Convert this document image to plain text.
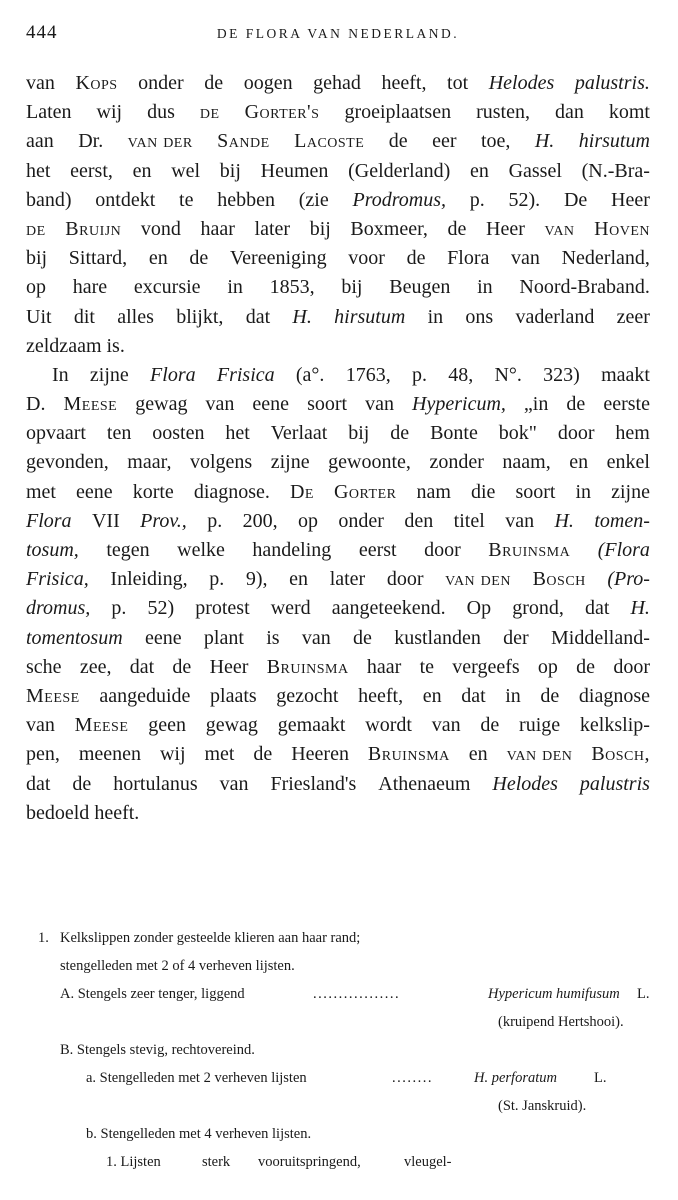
444	DE FLORA VAN NEDERLAND.
van Kops onder de oogen gehad heeft, tot Helodes palustris.
Laten wij dus de Gorter's groeiplaatsen rusten, dan komt
aan Dr. van der Sande Lacoste de eer toe, H. hirsutum
het eerst, en wel bij Heumen (Gelderland) en Gassel (N.-Bra-
band) ontdekt te hebben (zie Prodromus, p. 52). De Heer
de Bruijn vond haar later bij Boxmeer, de Heer van Hoven
bij Sittard, en de Vereeniging voor de Flora van Nederland,
op hare excursie in 1853, bij Beugen in Noord-Braband.
Uit dit alles blijkt, dat H. hirsutum in ons vaderland zeer
zeldzaam
is.
In zijne Flora Frisica (a°. 1763, p. 48, N°. 323) maakt
D. Meese gewag van eene soort van Hypericum, „in de eerste
opvaart ten oosten het Verlaat bij de Bonte bok" door hem
gevonden, maar, volgens zijne gewoonte, zonder naam, en enkel
met eene korte diagnose. De Gorter nam die soort in zijne
Flora VII Prov., p. 200, op onder den titel van H. tomen-
tosum, tegen welke handeling eerst door Bruinsma (Flora
Frisica, Inleiding, p. 9), en later door van den Bosch (Pro-
dromus, p. 52) protest werd aangeteekend. Op grond, dat H.
tomentosum eene plant is van de kustlanden der Middelland-
sche zee, dat de Heer Bruinsma haar te vergeefs op de door
Meese aangeduide plaats gezocht heeft, en dat in de diagnose
van Meese geen gewag gemaakt wordt van de ruige kelkslip-
pen, meenen wij met de Heeren Bruinsma en van den Bosch,
dat de hortulanus van Friesland's Athenaeum Helodes palustris
bedoeld
heeft.
1. Kelkslippen zonder gesteelde klieren aan haar rand;
stengelleden met 2 of 4 verheven lijsten.
A. Stengels zeer tenger, liggend	.................	Hypericum humifusum L.
(kruipend Hertshooi).
B. Stengels stevig, rechtovereind.
a. Stengelleden met 2 verheven lijsten	........	H. perforatum	L.
(St. Janskruid).
b. Stengelleden met 4 verheven lijsten.
1. Lijsten	sterk vooruitspringend,	vleugel-
